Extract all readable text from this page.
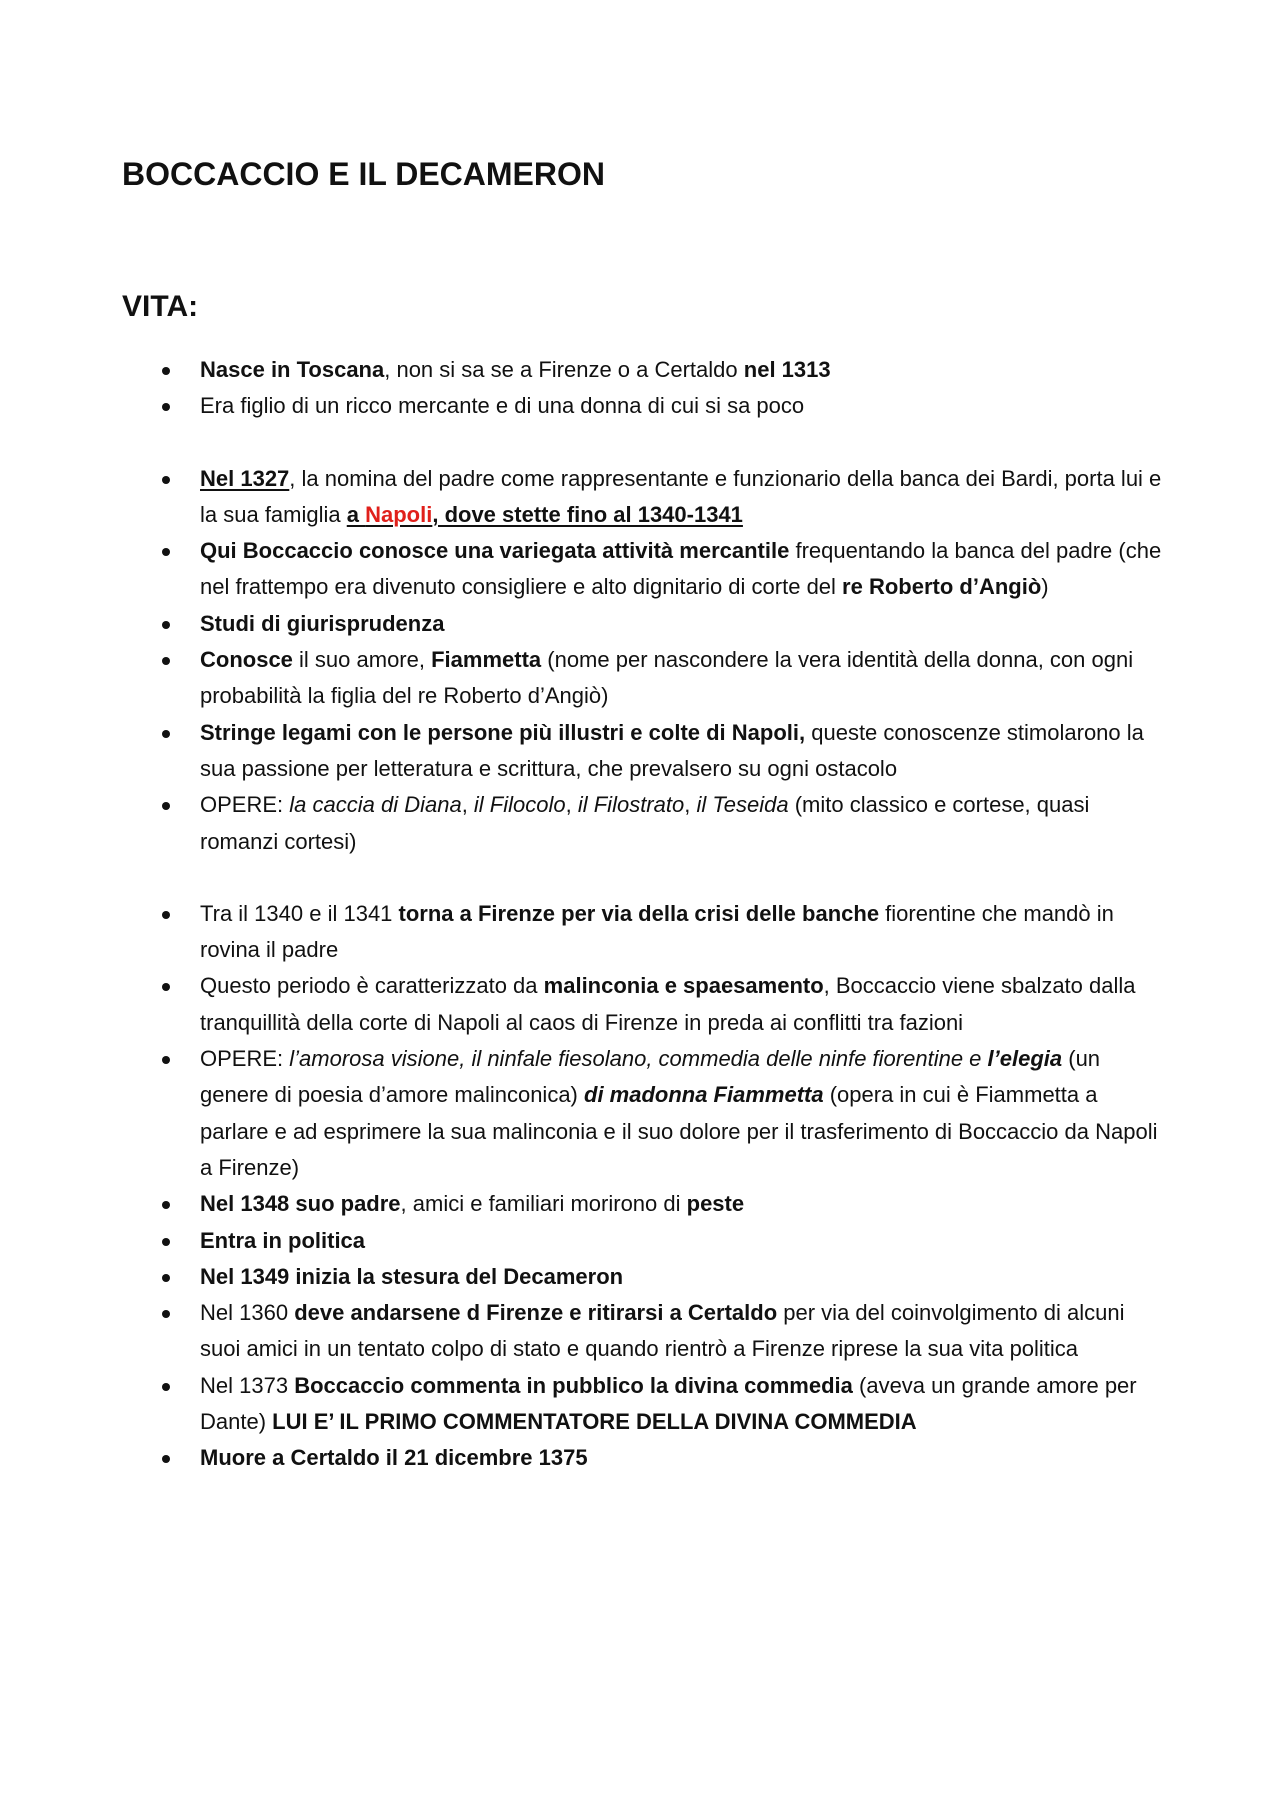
BOCCACCIO E IL DECAMERON
VITA:
Nasce in Toscana, non si sa se a Firenze o a Certaldo nel 1313
Era figlio di un ricco mercante e di una donna di cui si sa poco
Nel 1327, la nomina del padre come rappresentante e funzionario della banca dei Bardi, porta lui e la sua famiglia a Napoli, dove stette fino al 1340-1341
Qui Boccaccio conosce una variegata attività mercantile frequentando la banca del padre (che nel frattempo era divenuto consigliere e alto dignitario di corte del re Roberto d’Angiò)
Studi di giurisprudenza
Conosce il suo amore, Fiammetta (nome per nascondere la vera identità della donna, con ogni probabilità la figlia del re Roberto d’Angiò)
Stringe legami con le persone più illustri e colte di Napoli, queste conoscenze stimolarono la sua passione per letteratura e scrittura, che prevalsero su ogni ostacolo
OPERE: la caccia di Diana, il Filocolo, il Filostrato, il Teseida (mito classico e cortese, quasi romanzi cortesi)
Tra il 1340 e il 1341 torna a Firenze per via della crisi delle banche fiorentine che mandò in rovina il padre
Questo periodo è caratterizzato da malinconia e spaesamento, Boccaccio viene sbalzato dalla tranquillità della corte di Napoli al caos di Firenze in preda ai conflitti tra fazioni
OPERE: l’amorosa visione, il ninfale fiesolano, commedia delle ninfe fiorentine e l’elegia (un genere di poesia d’amore malinconica) di madonna Fiammetta (opera in cui è Fiammetta a parlare e ad esprimere la sua malinconia e il suo dolore per il trasferimento di Boccaccio da Napoli a Firenze)
Nel 1348 suo padre, amici e familiari morirono di peste
Entra in politica
Nel 1349 inizia la stesura del Decameron
Nel 1360 deve andarsene d Firenze e ritirarsi a Certaldo per via del coinvolgimento di alcuni suoi amici in un tentato colpo di stato e quando rientrò a Firenze riprese la sua vita politica
Nel 1373 Boccaccio commenta in pubblico la divina commedia (aveva un grande amore per Dante) LUI E’ IL PRIMO COMMENTATORE DELLA DIVINA COMMEDIA
Muore a Certaldo il 21 dicembre 1375
